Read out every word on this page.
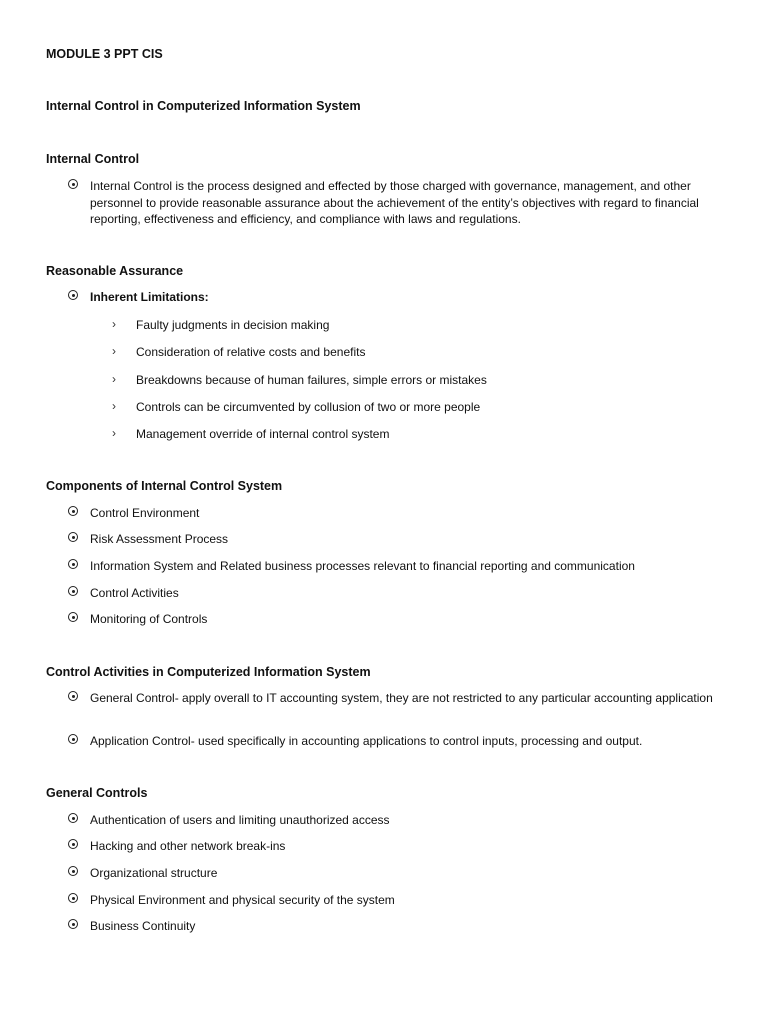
MODULE 3 PPT CIS
Internal Control in Computerized Information System
Internal Control
Internal Control is the process designed and effected by those charged with governance, management, and other personnel to provide reasonable assurance about the achievement of the entity’s objectives with regard to financial reporting, effectiveness and efficiency, and compliance with laws and regulations.
Reasonable Assurance
Inherent Limitations:
› Faulty judgments in decision making
› Consideration of relative costs and benefits
› Breakdowns because of human failures, simple errors or mistakes
› Controls can be circumvented by collusion of two or more people
› Management override of internal control system
Components of Internal Control System
Control Environment
Risk Assessment Process
Information System and Related business processes relevant to financial reporting and communication
Control Activities
Monitoring of Controls
Control Activities in Computerized Information System
General Control- apply overall to IT accounting system, they are not restricted to any particular accounting application
Application Control- used specifically in accounting applications to control inputs, processing and output.
General Controls
Authentication of users and limiting unauthorized access
Hacking and other network break-ins
Organizational structure
Physical Environment and physical security of the system
Business Continuity
